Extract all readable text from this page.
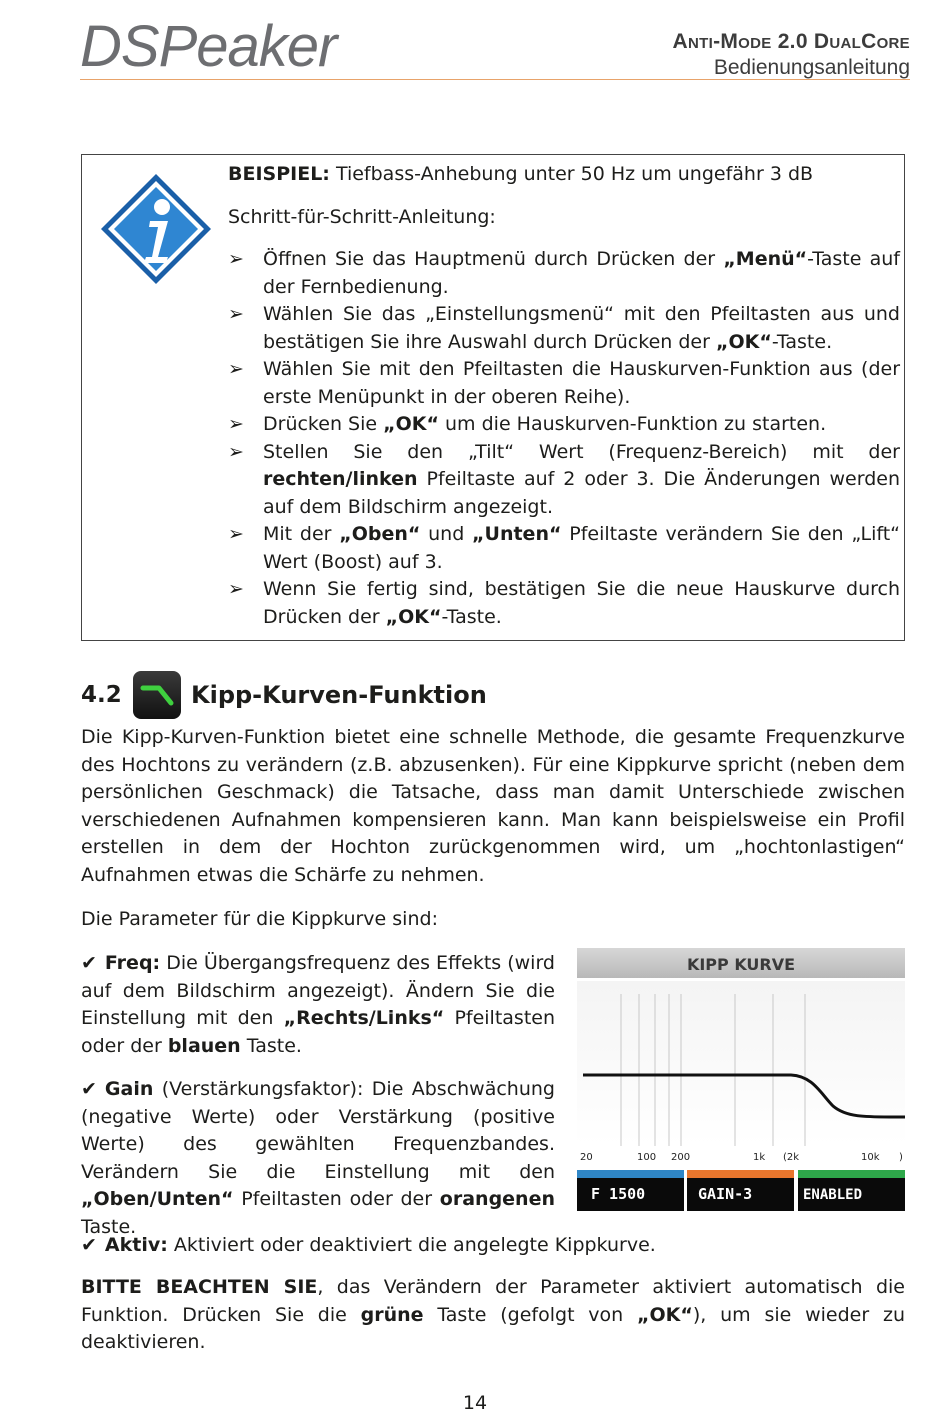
DSPeaker	Anti-Mode 2.0 DualCore
Bedienungsanleitung

BEISPIEL: Tiefbass-Anhebung unter 50 Hz um ungefähr 3 dB

Schritt-für-Schritt-Anleitung:

➢ Öffnen Sie das Hauptmenü durch Drücken der „Menü“-Taste auf der Fernbedienung.
➢ Wählen Sie das „Einstellungsmenü“ mit den Pfeiltasten aus und bestätigen Sie ihre Auswahl durch Drücken der „OK“-Taste.
➢ Wählen Sie mit den Pfeiltasten die Hauskurven-Funktion aus (der erste Menüpunkt in der oberen Reihe).
➢ Drücken Sie „OK“ um die Hauskurven-Funktion zu starten.
➢ Stellen Sie den „Tilt“ Wert (Frequenz-Bereich) mit der rechten/linken Pfeiltaste auf 2 oder 3. Die Änderungen werden auf dem Bildschirm angezeigt.
➢ Mit der „Oben“ und „Unten“ Pfeiltaste verändern Sie den „Lift“ Wert (Boost) auf 3.
➢ Wenn Sie fertig sind, bestätigen Sie die neue Hauskurve durch Drücken der „OK“-Taste.
4.2	Kipp-Kurven-Funktion

Die Kipp-Kurven-Funktion bietet eine schnelle Methode, die gesamte Frequenzkurve des Hochtons zu verändern (z.B. abzusenken). Für eine Kippkurve spricht (neben dem persönlichen Geschmack) die Tatsache, dass man damit Unterschiede zwischen verschiedenen Aufnahmen kompensieren kann. Man kann beispielsweise ein Profil erstellen in dem der Hochton zurückgenommen wird, um „hochtonlastigen“ Aufnahmen etwas die Schärfe zu nehmen.

Die Parameter für die Kippkurve sind:

✔ Freq: Die Übergangsfrequenz des Effekts (wird auf dem Bildschirm angezeigt). Ändern Sie die Einstellung mit den „Rechts/Links“ Pfeiltasten oder der blauen Taste.

✔ Gain (Verstärkungsfaktor): Die Abschwächung (negative Werte) oder Verstärkung (positive Werte) des gewählten Frequenzbandes. Verändern Sie die Einstellung mit den „Oben/Unten“ Pfeiltasten oder der orangenen Taste.

✔ Aktiv: Aktiviert oder deaktiviert die angelegte Kippkurve.

BITTE BEACHTEN SIE, das Verändern der Parameter aktiviert automatisch die Funktion. Drücken Sie die grüne Taste (gefolgt von „OK“), um sie wieder zu deaktivieren.

KIPP KURVE
20	100 200	1k (2k	10k )
F 1500	GAIN-3	ENABLED
14
